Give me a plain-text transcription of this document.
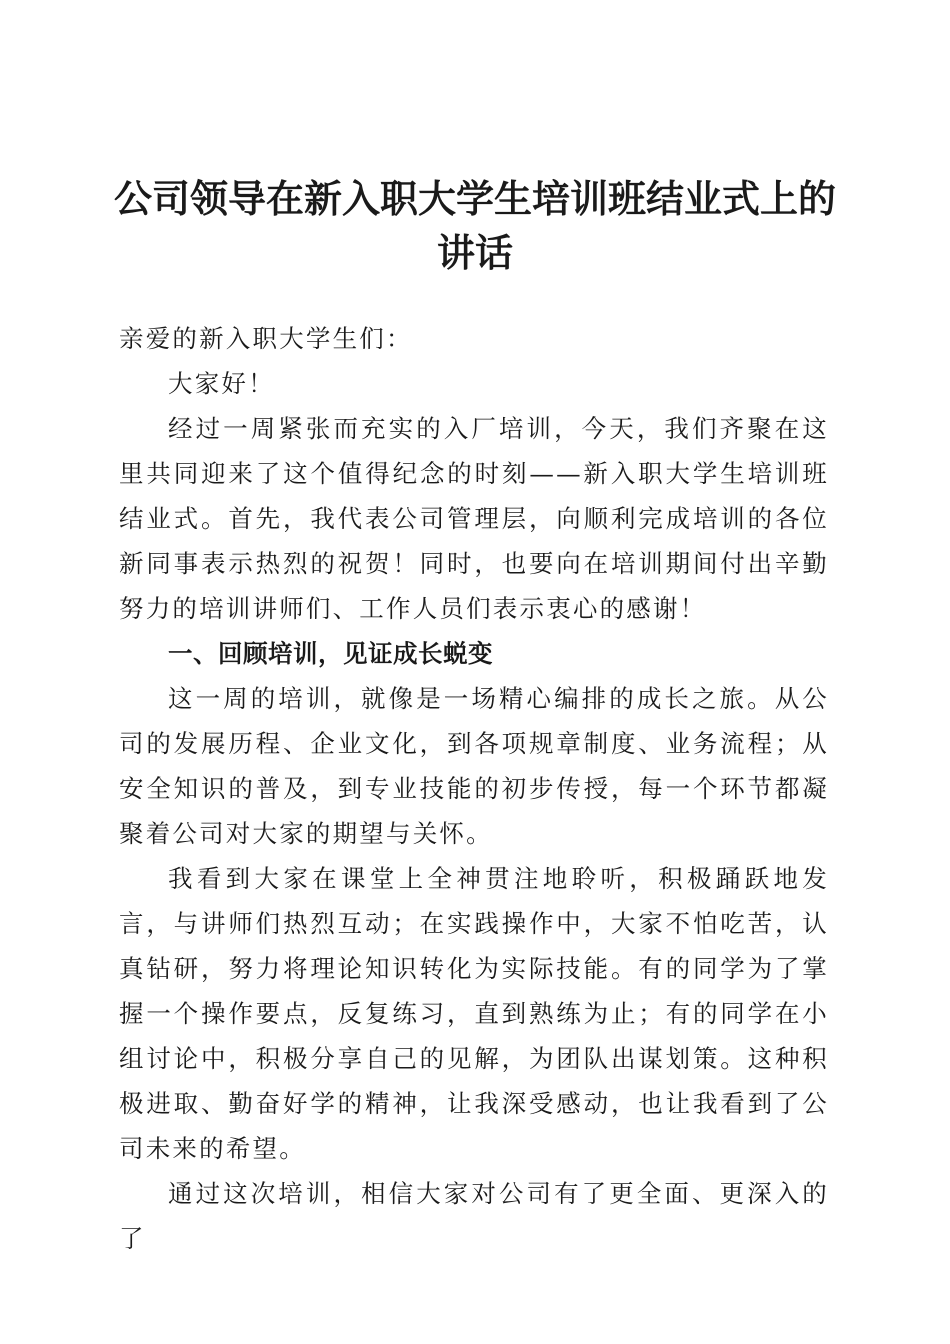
公司领导在新入职大学生培训班结业式上的讲话

亲爱的新入职大学生们：

大家好！

经过一周紧张而充实的入厂培训，今天，我们齐聚在这里共同迎来了这个值得纪念的时刻——新入职大学生培训班结业式。首先，我代表公司管理层，向顺利完成培训的各位新同事表示热烈的祝贺！同时，也要向在培训期间付出辛勤努力的培训讲师们、工作人员们表示衷心的感谢！

一、回顾培训，见证成长蜕变

这一周的培训，就像是一场精心编排的成长之旅。从公司的发展历程、企业文化，到各项规章制度、业务流程；从安全知识的普及，到专业技能的初步传授，每一个环节都凝聚着公司对大家的期望与关怀。

我看到大家在课堂上全神贯注地聆听，积极踊跃地发言，与讲师们热烈互动；在实践操作中，大家不怕吃苦，认真钻研，努力将理论知识转化为实际技能。有的同学为了掌握一个操作要点，反复练习，直到熟练为止；有的同学在小组讨论中，积极分享自己的见解，为团队出谋划策。这种积极进取、勤奋好学的精神，让我深受感动，也让我看到了公司未来的希望。

通过这次培训，相信大家对公司有了更全面、更深入的了
